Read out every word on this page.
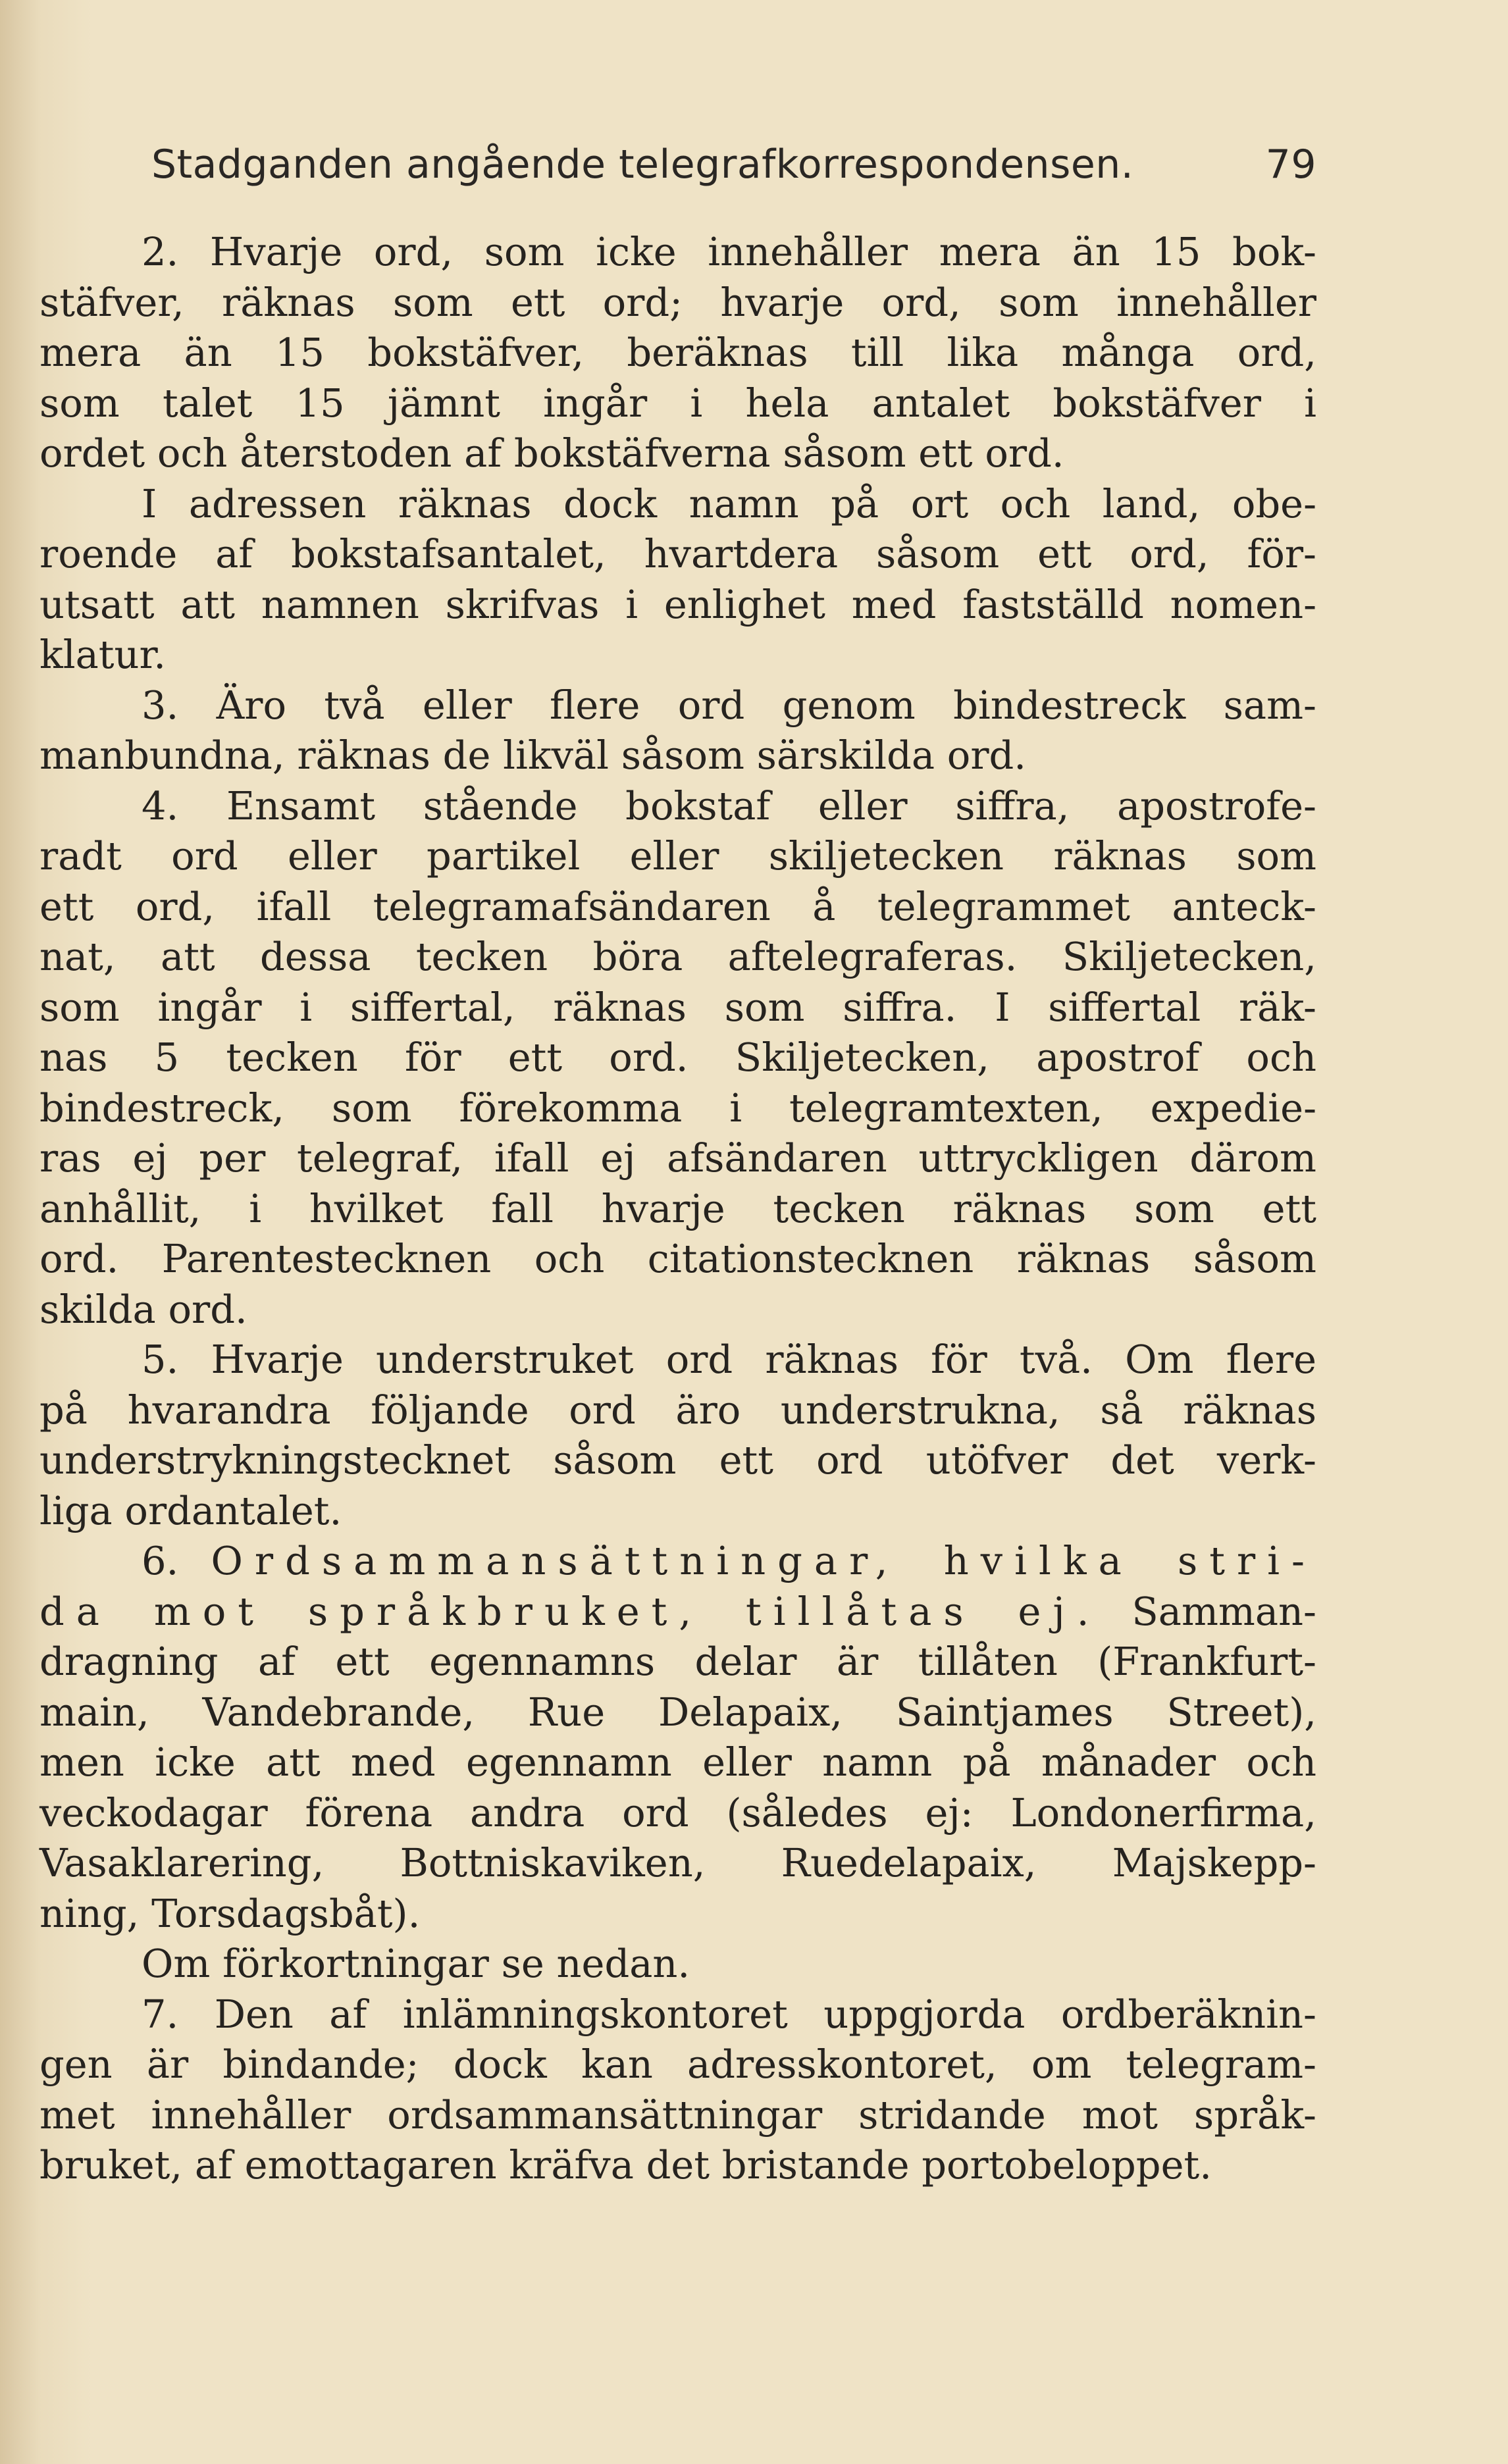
Stadganden angående telegrafkorrespondensen.	79
2. Hvarje ord, som icke innehåller mera än 15 bok-
stäfver, räknas som ett ord; hvarje ord, som innehåller
mera än 15 bokstäfver, beräknas till lika många ord,
som talet 15 jämnt ingår i hela antalet bokstäfver i
ordet och återstoden af bokstäfverna såsom ett ord.
I adressen räknas dock namn på ort och land, obe-
roende af bokstafsantalet, hvartdera såsom ett ord, för-
utsatt att namnen skrifvas i enlighet med fastställd nomen-
klatur.
3. Äro två eller flere ord genom bindestreck sam-
manbundna, räknas de likväl såsom särskilda ord.
4. Ensamt stående bokstaf eller siffra, apostrofe-
radt ord eller partikel eller skiljetecken räknas som
ett ord, ifall telegramafsändaren å telegrammet anteck-
nat, att dessa tecken böra aftelegraferas. Skiljetecken,
som ingår i siffertal, räknas som siffra. I siffertal räk-
nas 5 tecken för ett ord. Skiljetecken, apostrof och
bindestreck, som förekomma i telegramtexten, expedie-
ras ej per telegraf, ifall ej afsändaren uttryckligen därom
anhållit, i hvilket fall hvarje tecken räknas som ett
ord. Parentestecknen och citationstecknen räknas såsom
skilda ord.
5. Hvarje understruket ord räknas för två. Om flere
på hvarandra följande ord äro understrukna, så räknas
understrykningstecknet såsom ett ord utöfver det verk-
liga ordantalet.
6. Ordsammansättningar, hvilka stri-
da mot språkbruket, tillåtas ej. Samman-
dragning af ett egennamns delar är tillåten (Frankfurt-
main, Vandebrande, Rue Delapaix, Saintjames Street),
men icke att med egennamn eller namn på månader och
veckodagar förena andra ord (således ej: Londonerfirma,
Vasaklarering, Bottniskaviken, Ruedelapaix, Majskepp-
ning, Torsdagsbåt).
Om förkortningar se nedan.
7. Den af inlämningskontoret uppgjorda ordberäknin-
gen är bindande; dock kan adresskontoret, om telegram-
met innehåller ordsammansättningar stridande mot språk-
bruket, af emottagaren kräfva det bristande portobeloppet.
